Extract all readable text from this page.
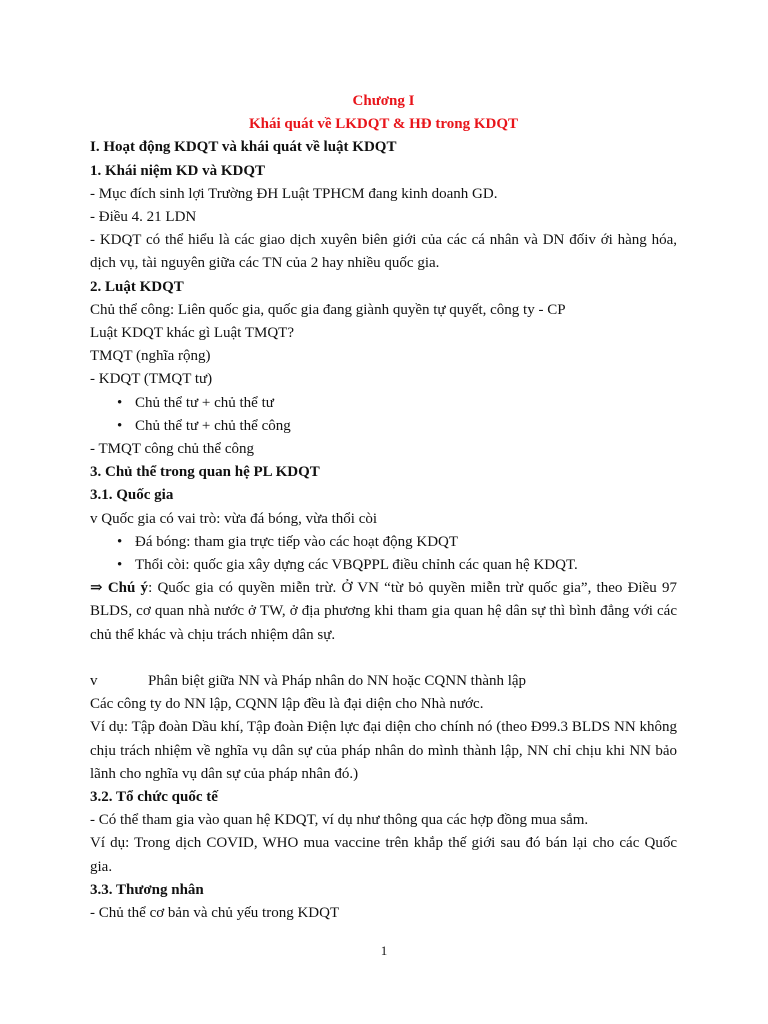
Chương I

Khái quát về LKDQT & HĐ trong KDQT

I. Hoạt động KDQT và khái quát về luật KDQT

1. Khái niệm KD và KDQT

- Mục đích sinh lợi Trường ĐH Luật TPHCM đang kinh doanh GD.

- Điều 4. 21 LDN

- KDQT có thể hiểu là các giao dịch xuyên biên giới của các cá nhân và DN đốiv ới hàng hóa, dịch vụ, tài nguyên giữa các TN của 2 hay nhiều quốc gia.

2. Luật KDQT

Chủ thể công: Liên quốc gia, quốc gia đang giành quyền tự quyết, công ty - CP

Luật KDQT khác gì Luật TMQT?

TMQT (nghĩa rộng)

- KDQT (TMQT tư)

• Chủ thể tư + chủ thể tư
• Chủ thể tư + chủ thể công

- TMQT công chủ thể công

3. Chủ thể trong quan hệ PL KDQT

3.1. Quốc gia

v Quốc gia có vai trò: vừa đá bóng, vừa thổi còi

• Đá bóng: tham gia trực tiếp vào các hoạt động KDQT
• Thổi còi: quốc gia xây dựng các VBQPPL điều chỉnh các quan hệ KDQT.

⇒ Chú ý: Quốc gia có quyền miễn trừ. Ở VN “từ bỏ quyền miễn trừ quốc gia”, theo Điều 97 BLDS, cơ quan nhà nước ở TW, ở địa phương khi tham gia quan hệ dân sự thì bình đẳng với các chủ thể khác và chịu trách nhiệm dân sự.

v	Phân biệt giữa NN và Pháp nhân do NN hoặc CQNN thành lập

Các công ty do NN lập, CQNN lập đều là đại diện cho Nhà nước.

Ví dụ: Tập đoàn Dầu khí, Tập đoàn Điện lực đại diện cho chính nó (theo Đ99.3 BLDS NN không chịu trách nhiệm về nghĩa vụ dân sự của pháp nhân do mình thành lập, NN chỉ chịu khi NN bảo lãnh cho nghĩa vụ dân sự của pháp nhân đó.)

3.2. Tổ chức quốc tế

- Có thể tham gia vào quan hệ KDQT, ví dụ như thông qua các hợp đồng mua sắm.

Ví dụ: Trong dịch COVID, WHO mua vaccine trên khắp thế giới sau đó bán lại cho các Quốc gia.

3.3. Thương nhân

- Chủ thể cơ bản và chủ yếu trong KDQT

1
